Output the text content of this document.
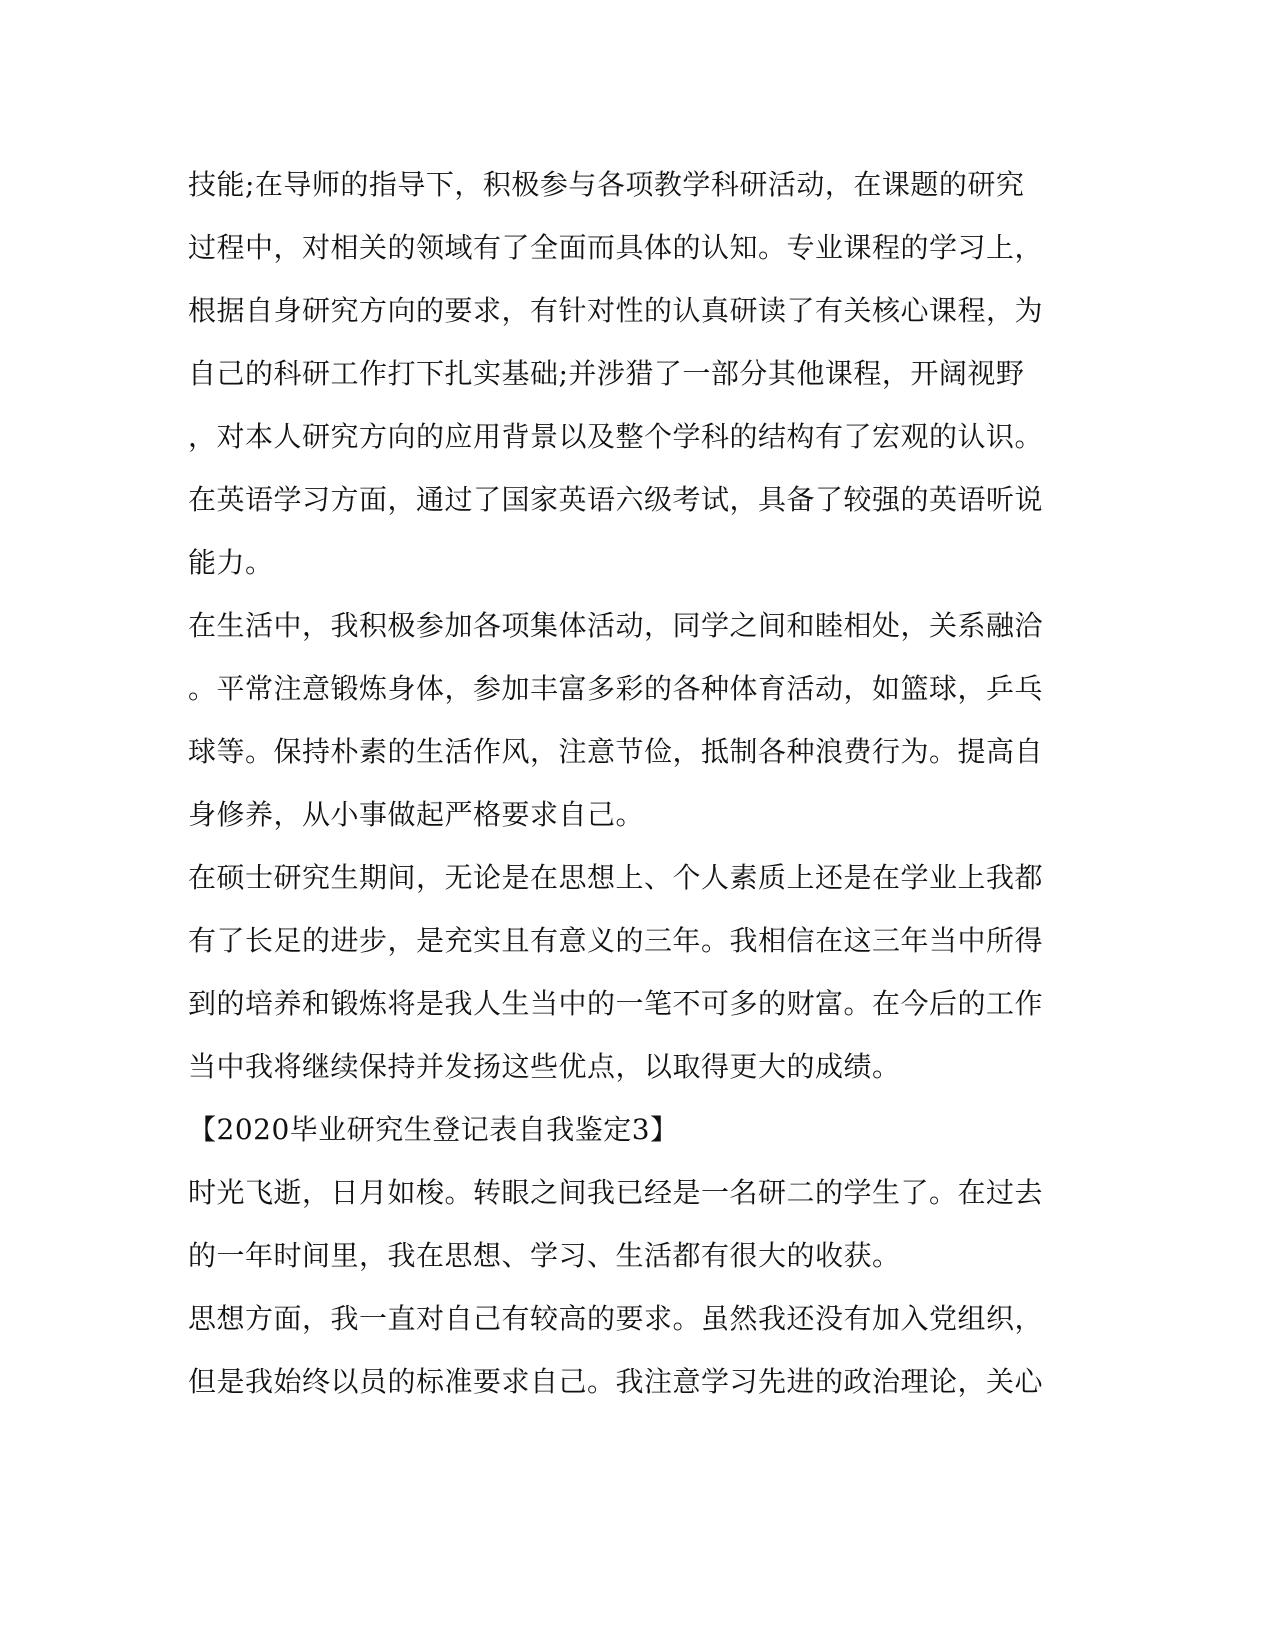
技能;在导师的指导下，积极参与各项教学科研活动，在课题的研究
过程中，对相关的领域有了全面而具体的认知。专业课程的学习上，
根据自身研究方向的要求，有针对性的认真研读了有关核心课程，为
自己的科研工作打下扎实基础;并涉猎了一部分其他课程，开阔视野
，对本人研究方向的应用背景以及整个学科的结构有了宏观的认识。
在英语学习方面，通过了国家英语六级考试，具备了较强的英语听说
能力。
在生活中，我积极参加各项集体活动，同学之间和睦相处，关系融洽
。平常注意锻炼身体，参加丰富多彩的各种体育活动，如篮球，乒乓
球等。保持朴素的生活作风，注意节俭，抵制各种浪费行为。提高自
身修养，从小事做起严格要求自己。
在硕士研究生期间，无论是在思想上、个人素质上还是在学业上我都
有了长足的进步，是充实且有意义的三年。我相信在这三年当中所得
到的培养和锻炼将是我人生当中的一笔不可多的财富。在今后的工作
当中我将继续保持并发扬这些优点，以取得更大的成绩。
【2020毕业研究生登记表自我鉴定3】
时光飞逝，日月如梭。转眼之间我已经是一名研二的学生了。在过去
的一年时间里，我在思想、学习、生活都有很大的收获。
思想方面，我一直对自己有较高的要求。虽然我还没有加入党组织，
但是我始终以员的标准要求自己。我注意学习先进的政治理论，关心
